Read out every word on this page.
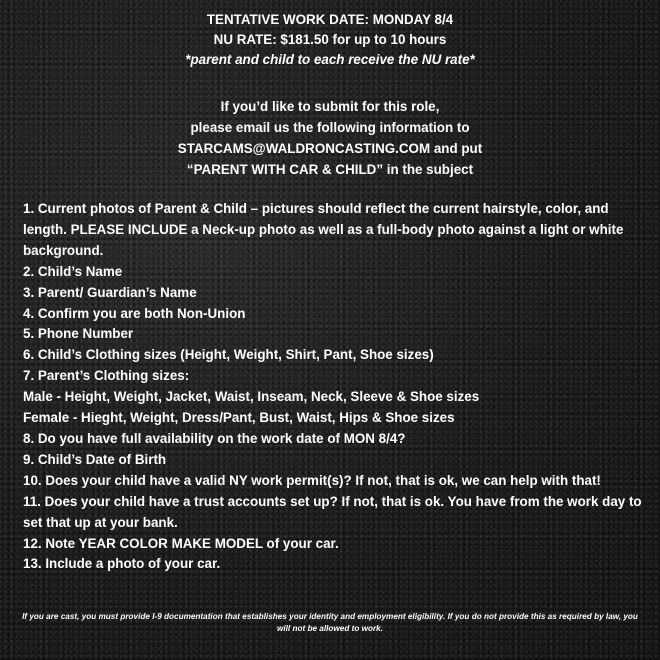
TENTATIVE WORK DATE: MONDAY 8/4
NU RATE: $181.50 for up to 10 hours
*parent and child to each receive the NU rate*
If you’d like to submit for this role,
please email us the following information to
STARCAMS@WALDRONCASTING.COM and put
“PARENT WITH CAR & CHILD” in the subject
1. Current photos of Parent & Child – pictures should reflect the current hairstyle, color, and length. PLEASE INCLUDE a Neck-up photo as well as a full-body photo against a light or white background.
2. Child’s Name
3. Parent/ Guardian’s Name
4. Confirm you are both Non-Union
5. Phone Number
6. Child’s Clothing sizes (Height, Weight, Shirt, Pant, Shoe sizes)
7. Parent’s Clothing sizes:
Male - Height, Weight, Jacket, Waist, Inseam, Neck, Sleeve & Shoe sizes
Female - Hieght, Weight, Dress/Pant, Bust, Waist, Hips & Shoe sizes
8. Do you have full availability on the work date of MON 8/4?
9. Child’s Date of Birth
10. Does your child have a valid NY work permit(s)? If not, that is ok, we can help with that!
11. Does your child have a trust accounts set up? If not, that is ok. You have from the work day to set that up at your bank.
12. Note YEAR COLOR MAKE MODEL of your car.
13. Include a photo of your car.
If you are cast, you must provide I-9 documentation that establishes your identity and employment eligibility. If you do not provide this as required by law, you will not be allowed to work.
